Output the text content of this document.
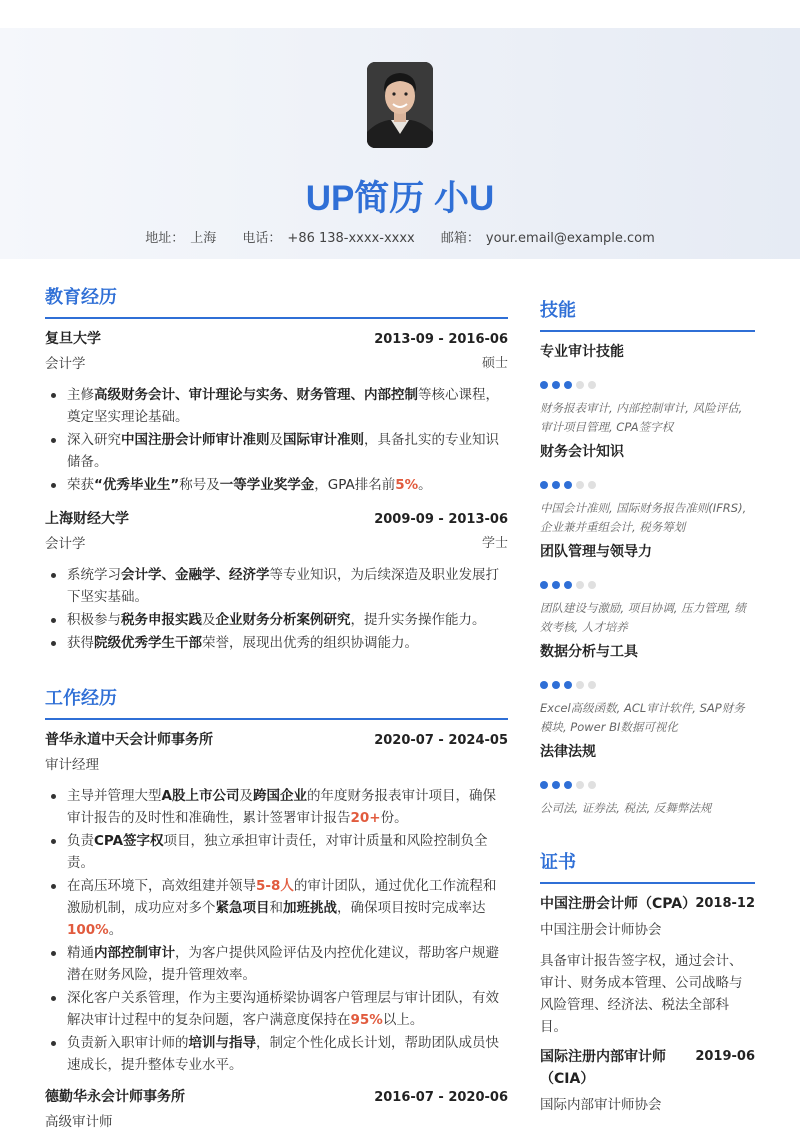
UP简历 小U
地址： 上海 电话： +86 138-xxxx-xxxx 邮箱： your.email@example.com
教育经历
复旦大学	2013-09 - 2016-06
会计学	硕士
主修高级财务会计、审计理论与实务、财务管理、内部控制等核心课程，奠定坚实理论基础。
深入研究中国注册会计师审计准则及国际审计准则，具备扎实的专业知识储备。
荣获“优秀毕业生”称号及一等学业奖学金，GPA排名前5%。
上海财经大学	2009-09 - 2013-06
会计学	学士
系统学习会计学、金融学、经济学等专业知识，为后续深造及职业发展打下坚实基础。
积极参与税务申报实践及企业财务分析案例研究，提升实务操作能力。
获得院级优秀学生干部荣誉，展现出优秀的组织协调能力。
工作经历
普华永道中天会计师事务所	2020-07 - 2024-05
审计经理
主导并管理大型A股上市公司及跨国企业的年度财务报表审计项目，确保审计报告的及时性和准确性，累计签署审计报告20+份。
负责CPA签字权项目，独立承担审计责任，对审计质量和风险控制负全责。
在高压环境下，高效组建并领导5-8人的审计团队，通过优化工作流程和激励机制，成功应对多个紧急项目和加班挑战，确保项目按时完成率达100%。
精通内部控制审计，为客户提供风险评估及内控优化建议，帮助客户规避潜在财务风险，提升管理效率。
深化客户关系管理，作为主要沟通桥梁协调客户管理层与审计团队，有效解决审计过程中的复杂问题，客户满意度保持在95%以上。
负责新入职审计师的培训与指导，制定个性化成长计划，帮助团队成员快速成长，提升整体专业水平。
德勤华永会计师事务所	2016-07 - 2020-06
高级审计师
技能
专业审计技能
财务报表审计, 内部控制审计, 风险评估, 审计项目管理, CPA签字权
财务会计知识
中国会计准则, 国际财务报告准则(IFRS), 企业兼并重组会计, 税务筹划
团队管理与领导力
团队建设与激励, 项目协调, 压力管理, 绩效考核, 人才培养
数据分析与工具
Excel高级函数, ACL审计软件, SAP财务模块, Power BI数据可视化
法律法规
公司法, 证券法, 税法, 反舞弊法规
证书
中国注册会计师（CPA） 2018-12
中国注册会计师协会
具备审计报告签字权，通过会计、审计、财务成本管理、公司战略与风险管理、经济法、税法全部科目。
国际注册内部审计师（CIA）
2019-06
国际内部审计师协会
